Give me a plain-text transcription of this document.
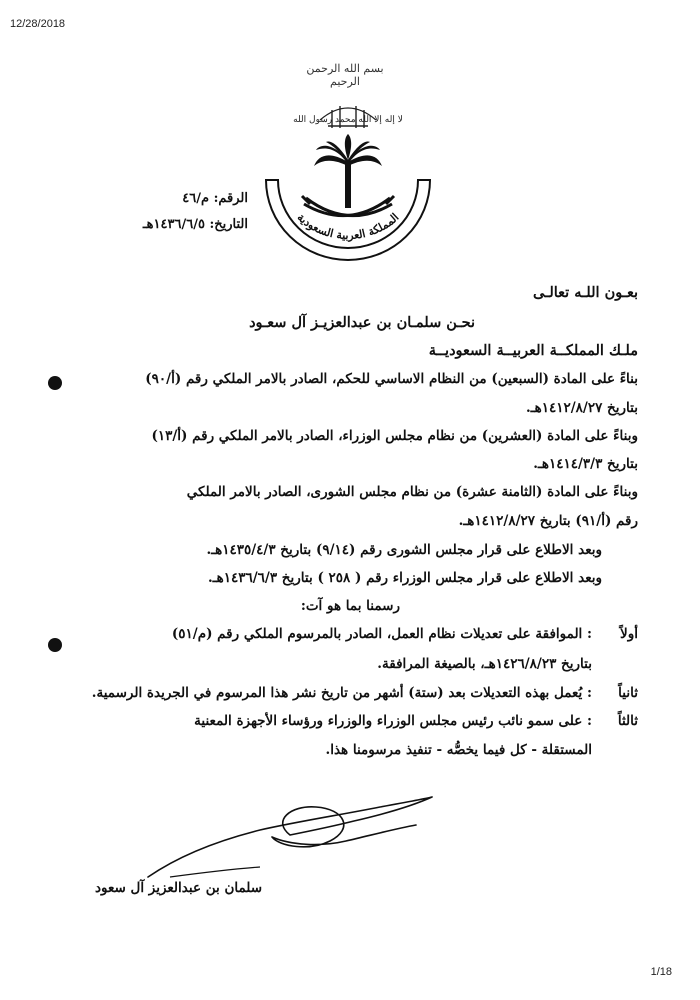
12/28/2018
بسم الله الرحمن الرحيم
لا إله إلا الله محمد رسول الله
المملكة العربية السعودية
الرقم: م/٤٦
التاريخ: ١٤٣٦/٦/٥هـ
بعـون اللـه تعالـى
نحـن سلمـان بن عبدالعزيـز آل سعـود
ملـك المملكــة العربيــة السعوديــة
بناءً على المادة (السبعين) من النظام الاساسي للحكم، الصادر بالامر الملكي رقم (أ/٩٠)
بتاريخ ١٤١٢/٨/٢٧هـ.
وبناءً على المادة (العشرين) من نظام مجلس الوزراء، الصادر بالامر الملكي رقم (أ/١٣)
بتاريخ ١٤١٤/٣/٣هـ.
وبناءً على المادة (الثامنة عشرة) من نظام مجلس الشورى، الصادر بالامر الملكي
رقم (أ/٩١) بتاريخ ١٤١٢/٨/٢٧هـ.
وبعد الاطلاع على قرار مجلس الشورى رقم (٩/١٤) بتاريخ ١٤٣٥/٤/٣هـ.
وبعد الاطلاع على قرار مجلس الوزراء رقم ( ٢٥٨ ) بتاريخ ١٤٣٦/٦/٣هـ.
رسمنا بما هو آت:
أولاً
: الموافقة على تعديلات نظام العمل، الصادر بالمرسوم الملكي رقم (م/٥١)
بتاريخ ١٤٢٦/٨/٢٣هـ، بالصيغة المرافقة.
ثانياً
: يُعمل بهذه التعديلات بعد (ستة) أشهر من تاريخ نشر هذا المرسوم في الجريدة الرسمية.
ثالثاً
: على سمو نائب رئيس مجلس الوزراء والوزراء ورؤساء الأجهزة المعنية
المستقلة - كل فيما يخصُّه - تنفيذ مرسومنا هذا.
سلمان بن عبدالعزيز آل سعود
1/18
